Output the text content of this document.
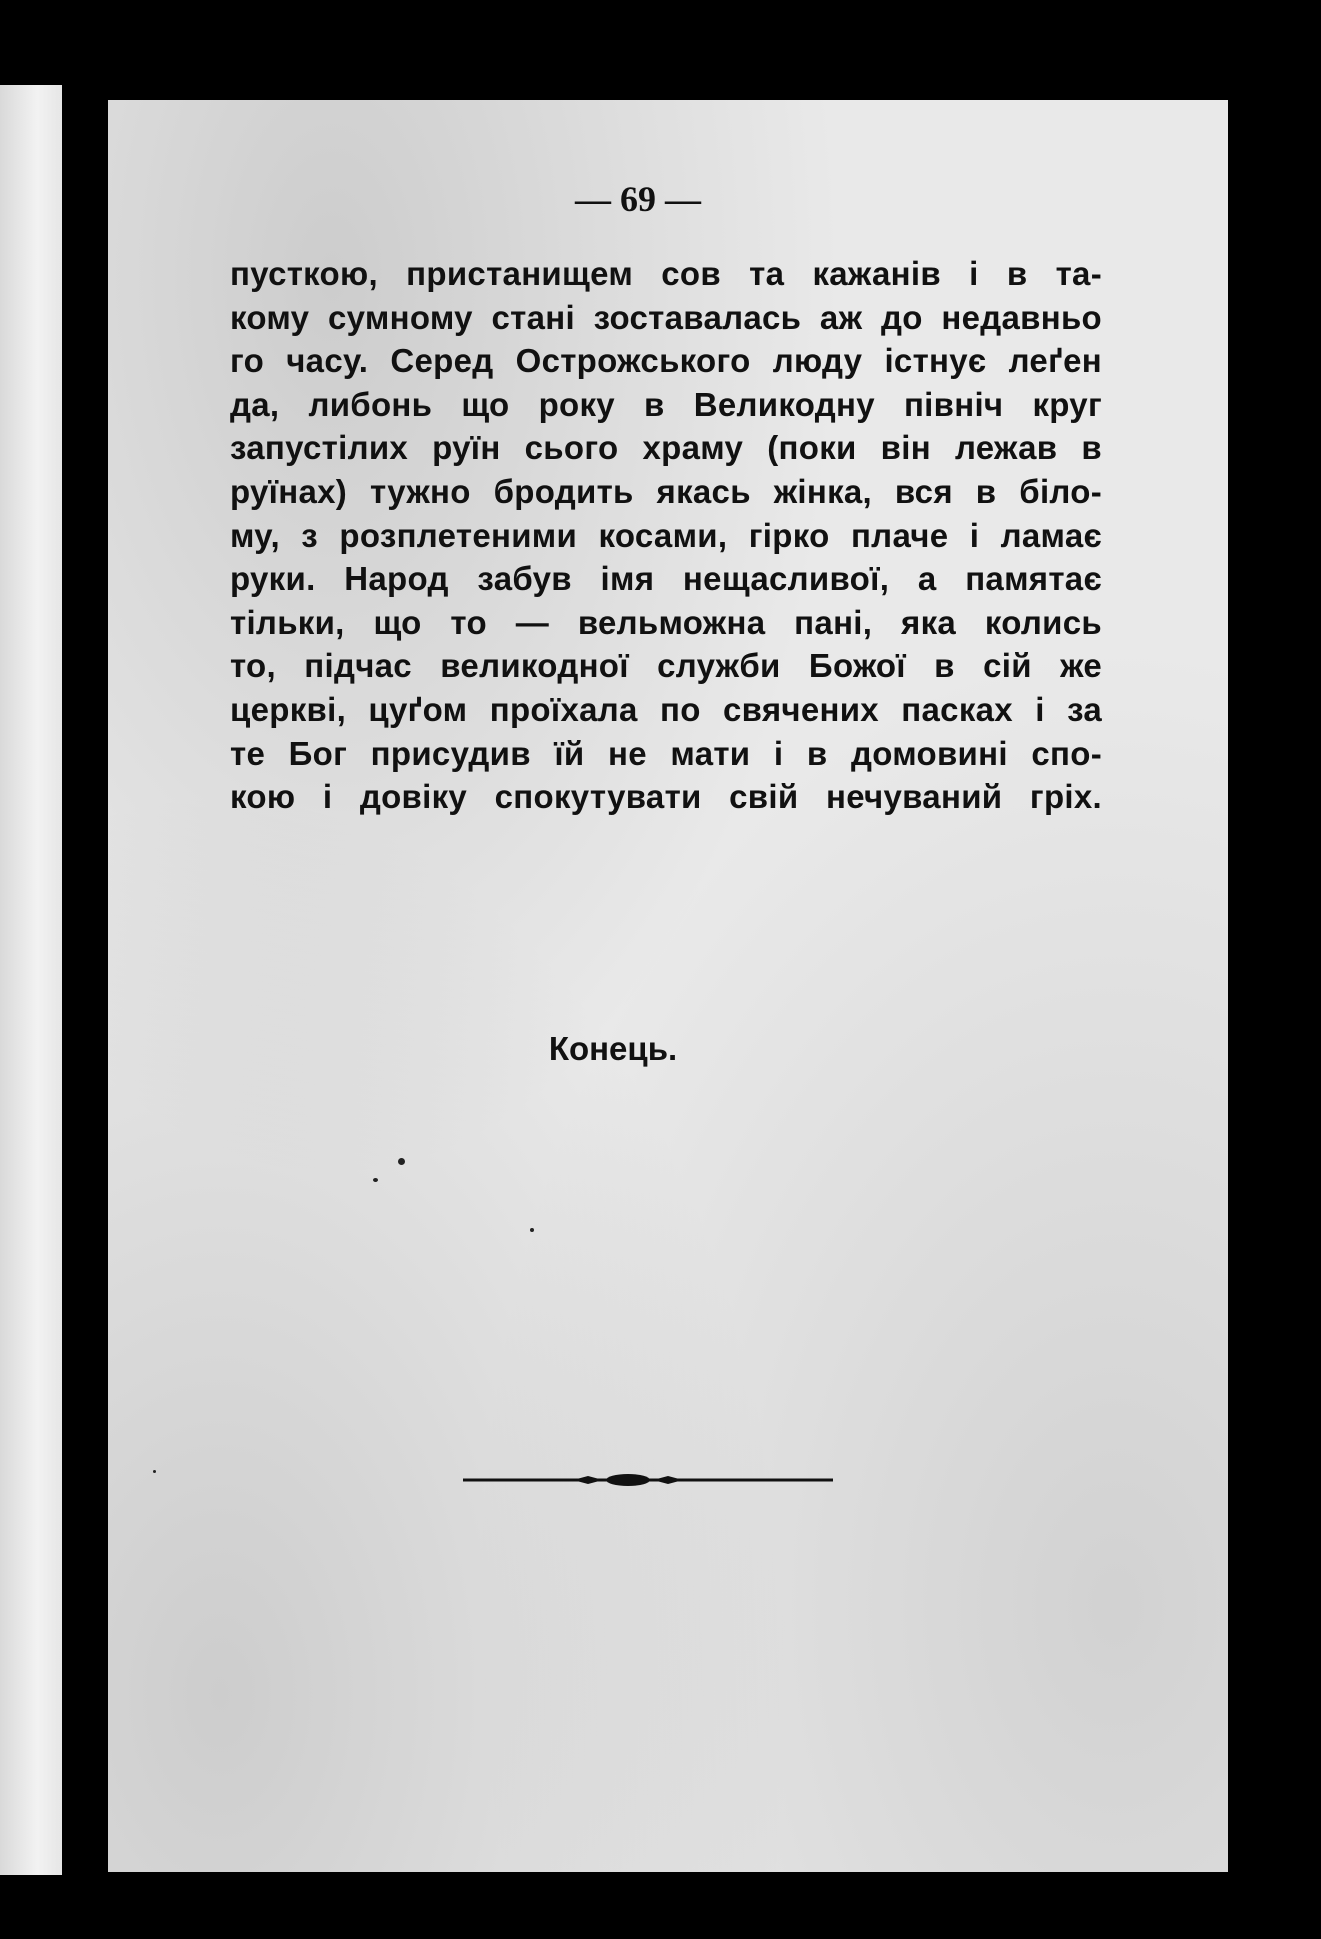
— 69 —
пусткою, пристанищем сов та кажанів і в та-
кому сумному стані зоставалась аж до недавньо
го часу. Серед Острожського люду істнує леґен
да, либонь що року в Великодну північ круг
запустілих руїн сього храму (поки він лежав в
руїнах) тужно бродить якась жінка, вся в біло-
му, з розплетеними косами, гірко плаче і ламає
руки. Народ забув імя нещасливої, а памятає
тільки, що то — вельможна пані, яка колись
то, підчас великодної служби Божої в сій же
церкві, цуґом проїхала по свячених пасках і за
те Бог присудив їй не мати і в домовині спо-
кою і довіку спокутувати свій нечуваний гріх.
Конець.
